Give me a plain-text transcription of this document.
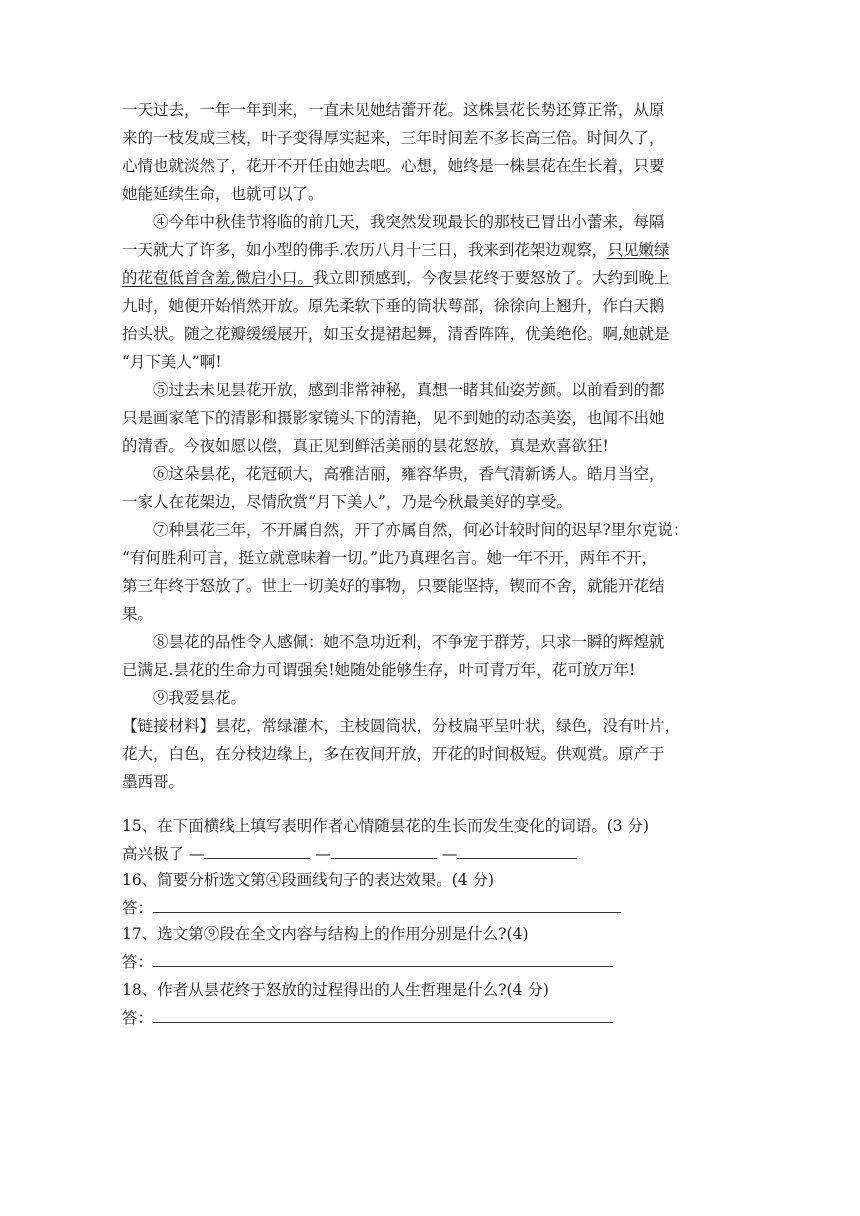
一天过去，一年一年到来，一直未见她结蕾开花。这株昙花长势还算正常，从原
来的一枝发成三枝，叶子变得厚实起来，三年时间差不多长高三倍。时间久了，
心情也就淡然了，花开不开任由她去吧。心想，她终是一株昙花在生长着，只要
她能延续生命，也就可以了。
④今年中秋佳节将临的前几天，我突然发现最长的那枝已冒出小蕾来，每隔
一天就大了许多，如小型的佛手.农历八月十三日，我来到花架边观察，只见嫩绿
的花苞低首含羞,微启小口。我立即预感到，今夜昙花终于要怒放了。大约到晚上
九时，她便开始悄然开放。原先柔软下垂的筒状萼部，徐徐向上翘升，作白天鹅
抬头状。随之花瓣缓缓展开，如玉女提裙起舞，清香阵阵，优美绝伦。啊,她就是
“月下美人”啊!
⑤过去未见昙花开放，感到非常神秘，真想一睹其仙姿芳颜。以前看到的都
只是画家笔下的清影和摄影家镜头下的清艳，见不到她的动态美姿，也闻不出她
的清香。今夜如愿以偿，真正见到鲜活美丽的昙花怒放，真是欢喜欲狂!
⑥这朵昙花，花冠硕大，高雅洁丽，雍容华贵，香气清新诱人。皓月当空，
一家人在花架边，尽情欣赏“月下美人”，乃是今秋最美好的享受。
⑦种昙花三年，不开属自然，开了亦属自然，何必计较时间的迟早?里尔克说：
“有何胜利可言，挺立就意味着一切。”此乃真理名言。她一年不开，两年不开，
第三年终于怒放了。世上一切美好的事物，只要能坚持，锲而不舍，就能开花结
果。
⑧昙花的品性令人感佩：她不急功近利，不争宠于群芳，只求一瞬的辉煌就
已满足.昙花的生命力可谓强矣!她随处能够生存，叶可青万年，花可放万年!
⑨我爱昙花。
【链接材料】昙花，常绿灌木，主枝圆筒状，分枝扁平呈叶状，绿色，没有叶片，
花大，白色，在分枝边缘上，多在夜间开放，开花的时间极短。供观赏。原产于
墨西哥。
15、在下面横线上填写表明作者心情随昙花的生长而发生变化的词语。(3 分)
高兴极了 —	—	—
16、简要分析选文第④段画线句子的表达效果。(4 分)
答：
17、选文第⑨段在全文内容与结构上的作用分别是什么?(4)
答：
18、作者从昙花终于怒放的过程得出的人生哲理是什么?(4 分)
答：
